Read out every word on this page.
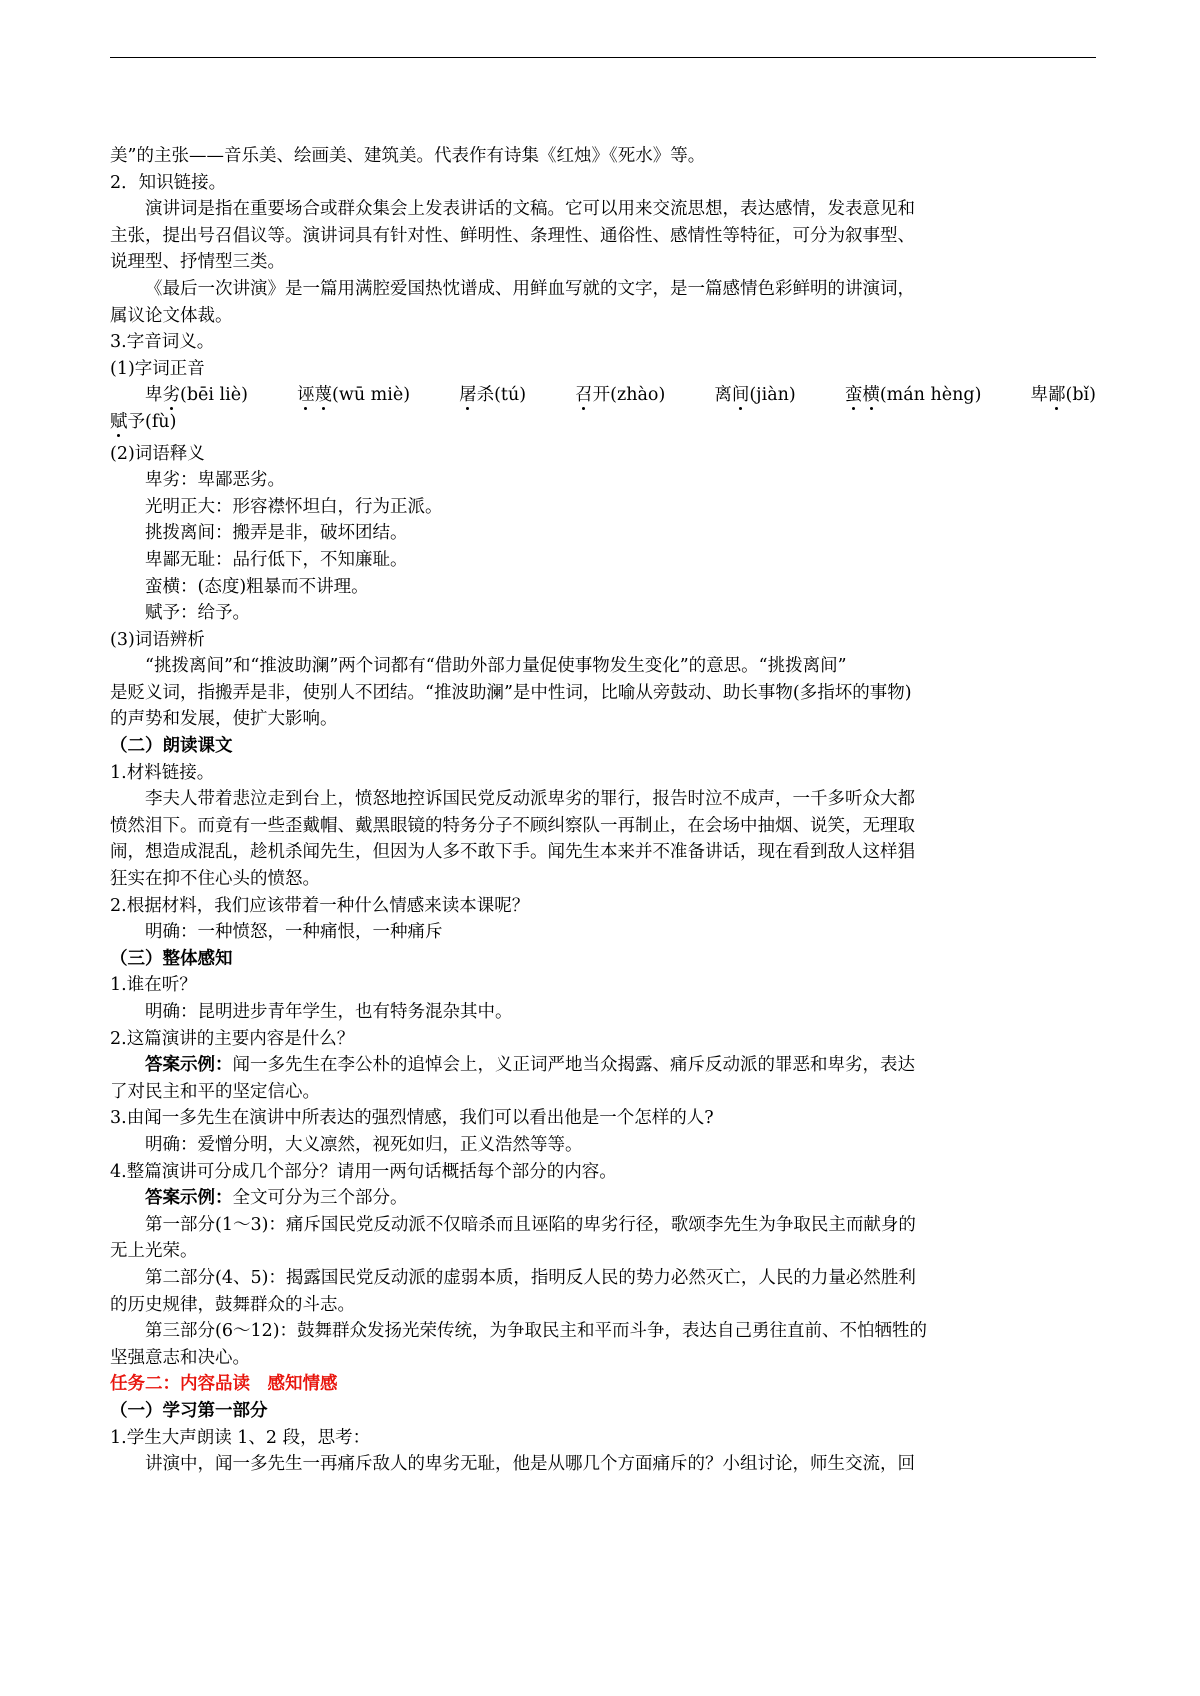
美”的主张——音乐美、绘画美、建筑美。代表作有诗集《红烛》《死水》等。
2．知识链接。
演讲词是指在重要场合或群众集会上发表讲话的文稿。它可以用来交流思想，表达感情，发表意见和
主张，提出号召倡议等。演讲词具有针对性、鲜明性、条理性、通俗性、感情性等特征，可分为叙事型、
说理型、抒情型三类。
《最后一次讲演》是一篇用满腔爱国热忱谱成、用鲜血写就的文字，是一篇感情色彩鲜明的讲演词，
属议论文体裁。
3.字音词义。
(1)字词正音
卑劣(bēi liè)	诬蔑(wū miè)	屠杀(tú)	召开(zhào)	离间(jiàn)	蛮横(mán hèng)	卑鄙(bǐ)
赋予(fù)
(2)词语释义
卑劣：卑鄙恶劣。
光明正大：形容襟怀坦白，行为正派。
挑拨离间：搬弄是非，破坏团结。
卑鄙无耻：品行低下，不知廉耻。
蛮横：(态度)粗暴而不讲理。
赋予：给予。
(3)词语辨析
“挑拨离间”和“推波助澜”两个词都有“借助外部力量促使事物发生变化”的意思。“挑拨离间”
是贬义词，指搬弄是非，使别人不团结。“推波助澜”是中性词，比喻从旁鼓动、助长事物(多指坏的事物)
的声势和发展，使扩大影响。
（二）朗读课文
1.材料链接。
李夫人带着悲泣走到台上，愤怒地控诉国民党反动派卑劣的罪行，报告时泣不成声，一千多听众大都
愤然泪下。而竟有一些歪戴帽、戴黑眼镜的特务分子不顾纠察队一再制止，在会场中抽烟、说笑，无理取
闹，想造成混乱，趁机杀闻先生，但因为人多不敢下手。闻先生本来并不准备讲话，现在看到敌人这样猖
狂实在抑不住心头的愤怒。
2.根据材料，我们应该带着一种什么情感来读本课呢？
明确：一种愤怒，一种痛恨，一种痛斥
（三）整体感知
1.谁在听？
明确：昆明进步青年学生，也有特务混杂其中。
2.这篇演讲的主要内容是什么？
答案示例：闻一多先生在李公朴的追悼会上，义正词严地当众揭露、痛斥反动派的罪恶和卑劣，表达
了对民主和平的坚定信心。
3.由闻一多先生在演讲中所表达的强烈情感，我们可以看出他是一个怎样的人?
明确：爱憎分明，大义凛然，视死如归，正义浩然等等。
4.整篇演讲可分成几个部分？请用一两句话概括每个部分的内容。
答案示例：全文可分为三个部分。
第一部分(1～3)：痛斥国民党反动派不仅暗杀而且诬陷的卑劣行径，歌颂李先生为争取民主而献身的
无上光荣。
第二部分(4、5)：揭露国民党反动派的虚弱本质，指明反人民的势力必然灭亡，人民的力量必然胜利
的历史规律，鼓舞群众的斗志。
第三部分(6～12)：鼓舞群众发扬光荣传统，为争取民主和平而斗争，表达自己勇往直前、不怕牺牲的
坚强意志和决心。
任务二：内容品读　感知情感
（一）学习第一部分
1.学生大声朗读 1、2 段，思考：
讲演中，闻一多先生一再痛斥敌人的卑劣无耻，他是从哪几个方面痛斥的？小组讨论，师生交流，回
